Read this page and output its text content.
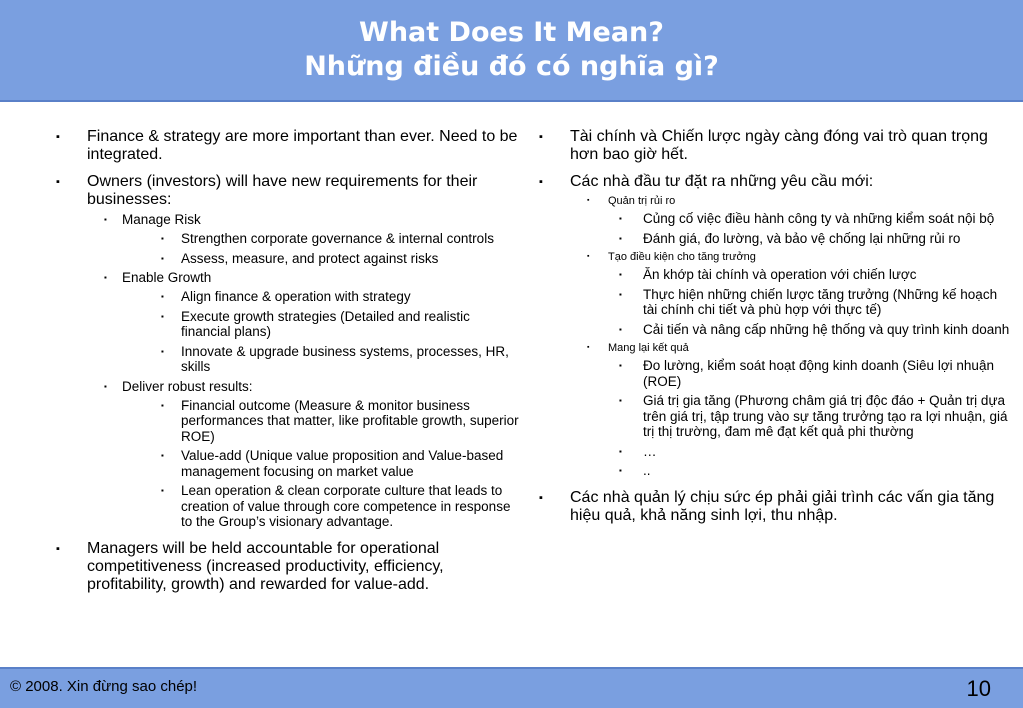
What Does It Mean?
Những điều đó có nghĩa gì?
▪ Finance & strategy are more important than ever. Need to be integrated.
▪ Owners (investors) will have new requirements for their businesses:
▪ Manage Risk
▪ Strengthen corporate governance & internal controls
▪ Assess, measure, and protect against risks
▪ Enable Growth
▪ Align finance & operation with strategy
▪ Execute growth strategies (Detailed and realistic financial plans)
▪ Innovate & upgrade business systems, processes, HR, skills
▪ Deliver robust results:
▪ Financial outcome (Measure & monitor business performances that matter, like profitable growth, superior ROE)
▪ Value-add (Unique value proposition and Value-based management focusing on market value
▪ Lean operation & clean corporate culture that leads to creation of value through core competence in response to the Group’s visionary advantage.
▪ Managers will be held accountable for operational competitiveness (increased productivity, efficiency, profitability, growth) and rewarded for value-add.
▪ Tài chính và Chiến lược ngày càng đóng vai trò quan trọng hơn bao giờ hết.
▪ Các nhà đầu tư đặt ra những yêu cầu mới:
▪ Quản trị rủi ro
▪ Củng cố việc điều hành công ty và những kiểm soát nội bộ
▪ Đánh giá, đo lường, và bảo vệ chống lại những rủi ro
▪ Tạo điều kiện cho tăng trưởng
▪ Ăn khớp tài chính và operation với chiến lược
▪ Thực hiện những chiến lược tăng trưởng (Những kế hoạch tài chính chi tiết và phù hợp với thực tế)
▪ Cải tiến và nâng cấp những hệ thống và quy trình kinh doanh
▪ Mang lại kết quả
▪ Đo lường, kiểm soát hoạt động kinh doanh (Siêu lợi nhuận (ROE)
▪ Giá trị gia tăng (Phương châm giá trị độc đáo + Quản trị dựa trên giá trị, tập trung vào sự tăng trưởng tạo ra lợi nhuận, giá trị thị trường, đam mê đạt kết quả phi thường
▪ …
▪ ..
▪ Các nhà quản lý chịu sức ép phải giải trình các vấn gia tăng hiệu quả, khả năng sinh lợi, thu nhập.
© 2008. Xin đừng sao chép!	10
